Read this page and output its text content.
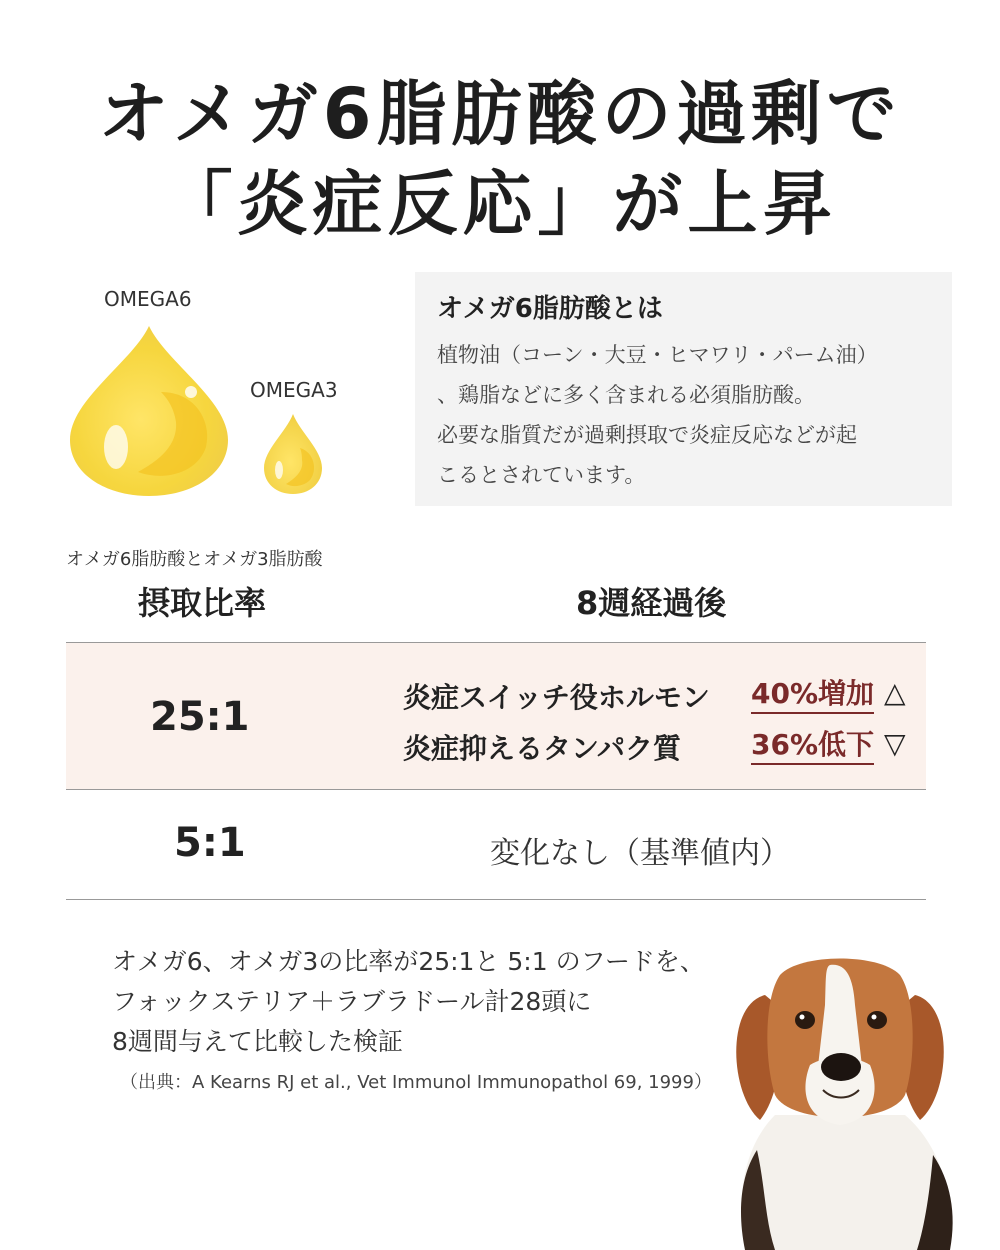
オメガ6脂肪酸の過剰で
「炎症反応」が上昇
OMEGA6
OMEGA3
オメガ6脂肪酸とは
植物油（コーン・大豆・ヒマワリ・パーム油）
、鶏脂などに多く含まれる必須脂肪酸。
必要な脂質だが過剰摂取で炎症反応などが起
こるとされています。
オメガ6脂肪酸とオメガ3脂肪酸
摂取比率	8週経過後
25:1	炎症スイッチ役ホルモン 40%増加 △
炎症抑えるタンパク質 36%低下 ▽
5:1	変化なし（基準値内）
オメガ6、オメガ3の比率が25:1と 5:1 のフードを、
フォックステリア＋ラブラドール計28頭に
8週間与えて比較した検証
（出典：A Kearns RJ et al., Vet Immunol Immunopathol 69, 1999）
